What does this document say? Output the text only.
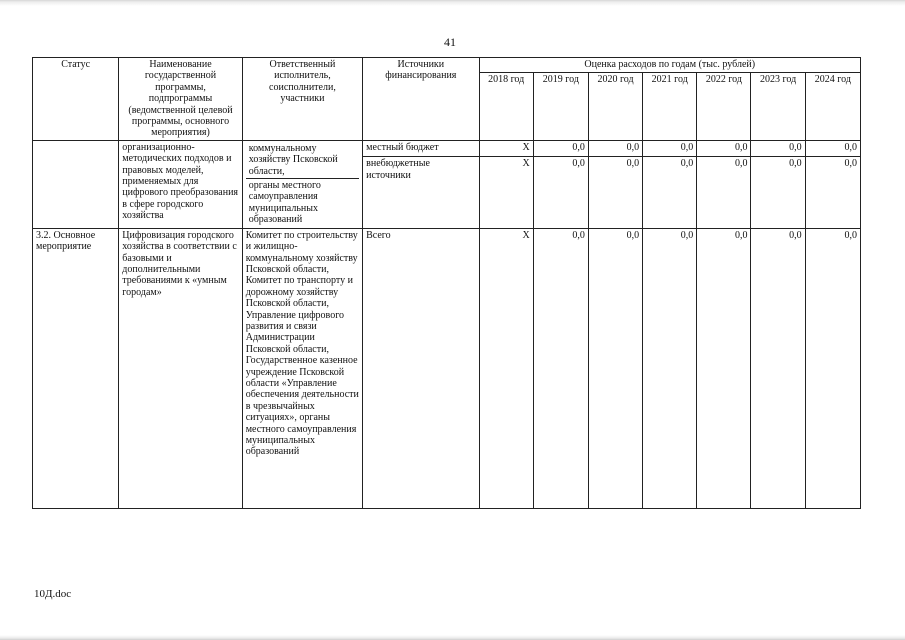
41
Статус	Наименование государственной программы, подпрограммы (ведомственной целевой программы, основного мероприятия)	Ответственный исполнитель, соисполнители, участники	Источники финансирования	Оценка расходов по годам (тыс. рублей)						
				2018 год	2019 год	2020 год	2021 год	2022 год	2023 год	2024 год
	организационно-методических подходов и правовых моделей, применяемых для цифрового преобразования в сфере городского хозяйства	коммунальному хозяйству Псковской области,
органы местного самоуправления муниципальных образований	местный бюджет	X	0,0	0,0	0,0	0,0	0,0	0,0
			внебюджетные источники	X	0,0	0,0	0,0	0,0	0,0	0,0
3.2. Основное мероприятие	Цифровизация городского хозяйства в соответствии с базовыми и дополнительными требованиями к «умным городам»	Комитет по строительству и жилищно-коммунальному хозяйству Псковской области, Комитет по транспорту и дорожному хозяйству Псковской области, Управление цифрового развития и связи Администрации Псковской области, Государственное казенное учреждение Псковской области «Управление обеспечения деятельности в чрезвычайных ситуациях», органы местного самоуправления муниципальных образований	Всего	X	0,0	0,0	0,0	0,0	0,0	0,0
10Д.doc
